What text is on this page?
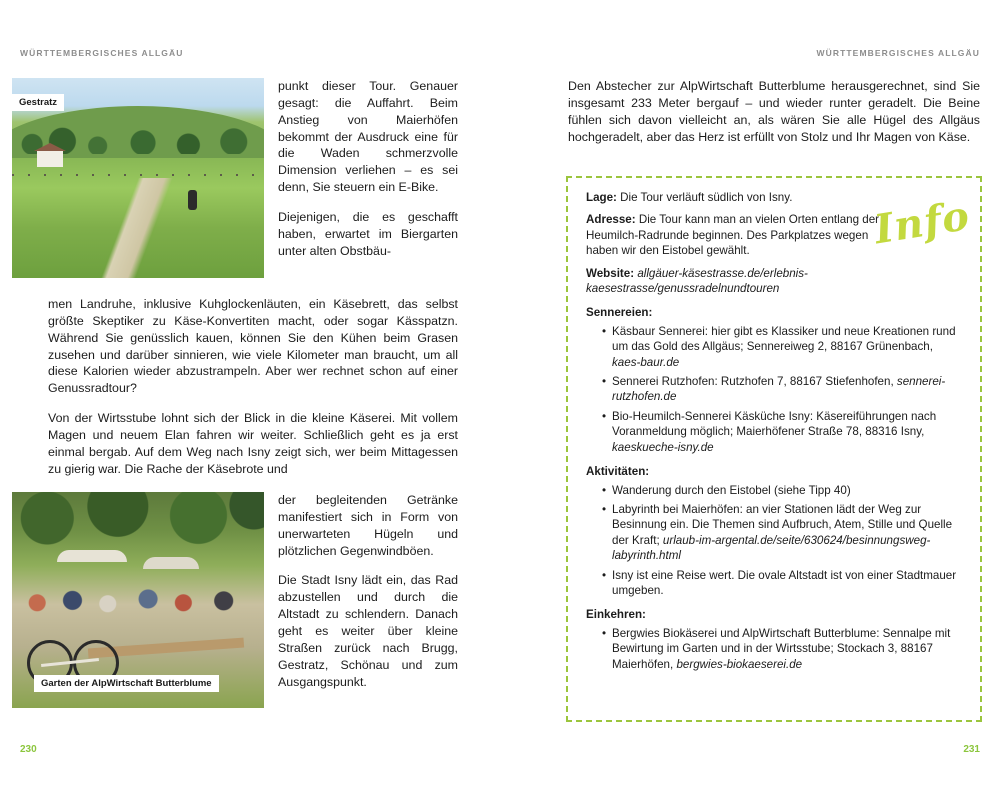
WÜRTTEMBERGISCHES ALLGÄU	WÜRTTEMBERGISCHES ALLGÄU
230	231
Gestratz
Garten der AlpWirtschaft Butterblume

punkt dieser Tour. Genauer gesagt: die Auffahrt. Beim Anstieg von Maierhöfen bekommt der Ausdruck eine für die Waden schmerzvolle Dimension verliehen – es sei denn, Sie steuern ein E-Bike.

Diejenigen, die es geschafft haben, erwartet im Biergarten unter alten Obstbäu-

men Landruhe, inklusive Kuhglockenläuten, ein Käsebrett, das selbst größte Skeptiker zu Käse-Konvertiten macht, oder sogar Kässpatzn. Während Sie genüsslich kauen, können Sie den Kühen beim Grasen zusehen und darüber sinnieren, wie viele Kilometer man braucht, um all diese Kalorien wieder abzustrampeln. Aber wer rechnet schon auf einer Genussradtour?

Von der Wirtsstube lohnt sich der Blick in die kleine Käserei. Mit vollem Magen und neuem Elan fahren wir weiter. Schließlich geht es ja erst einmal bergab. Auf dem Weg nach Isny zeigt sich, wer beim Mittagessen zu gierig war. Die Rache der Käsebrote und

der begleitenden Getränke manifestiert sich in Form von unerwarteten Hügeln und plötzlichen Gegenwindböen.

Die Stadt Isny lädt ein, das Rad abzustellen und durch die Altstadt zu schlendern. Danach geht es weiter über kleine Straßen zurück nach Brugg, Gestratz, Schönau und zum Ausgangspunkt.

Den Abstecher zur AlpWirtschaft Butterblume herausgerechnet, sind Sie insgesamt 233 Meter bergauf – und wieder runter geradelt. Die Beine fühlen sich davon vielleicht an, als wären Sie alle Hügel des Allgäus hochgeradelt, aber das Herz ist erfüllt von Stolz und Ihr Magen von Käse.

Info

Lage: Die Tour verläuft südlich von Isny.

Adresse: Die Tour kann man an vielen Orten entlang der Heumilch-Radrunde beginnen. Des Parkplatzes wegen haben wir den Eistobel gewählt.

Website: allgäuer-käsestrasse.de/erlebnis-kaesestrasse/genussradelnundtouren

Sennereien:
• Käsbaur Sennerei: hier gibt es Klassiker und neue Kreationen rund um das Gold des Allgäus; Sennereiweg 2, 88167 Grünenbach, kaes-baur.de
• Sennerei Rutzhofen: Rutzhofen 7, 88167 Stiefenhofen, sennerei-rutzhofen.de
• Bio-Heumilch-Sennerei Käsküche Isny: Käsereiführungen nach Voranmeldung möglich; Maierhöfener Straße 78, 88316 Isny, kaeskueche-isny.de
Aktivitäten:
• Wanderung durch den Eistobel (siehe Tipp 40)
• Labyrinth bei Maierhöfen: an vier Stationen lädt der Weg zur Besinnung ein. Die Themen sind Aufbruch, Atem, Stille und Quelle der Kraft; urlaub-im-argental.de/seite/630624/besinnungsweg-labyrinth.html
• Isny ist eine Reise wert. Die ovale Altstadt ist von einer Stadtmauer umgeben.
Einkehren:
• Bergwies Biokäserei und AlpWirtschaft Butterblume: Sennalpe mit Bewirtung im Garten und in der Wirtsstube; Stockach 3, 88167 Maierhöfen, bergwies-biokaeserei.de
